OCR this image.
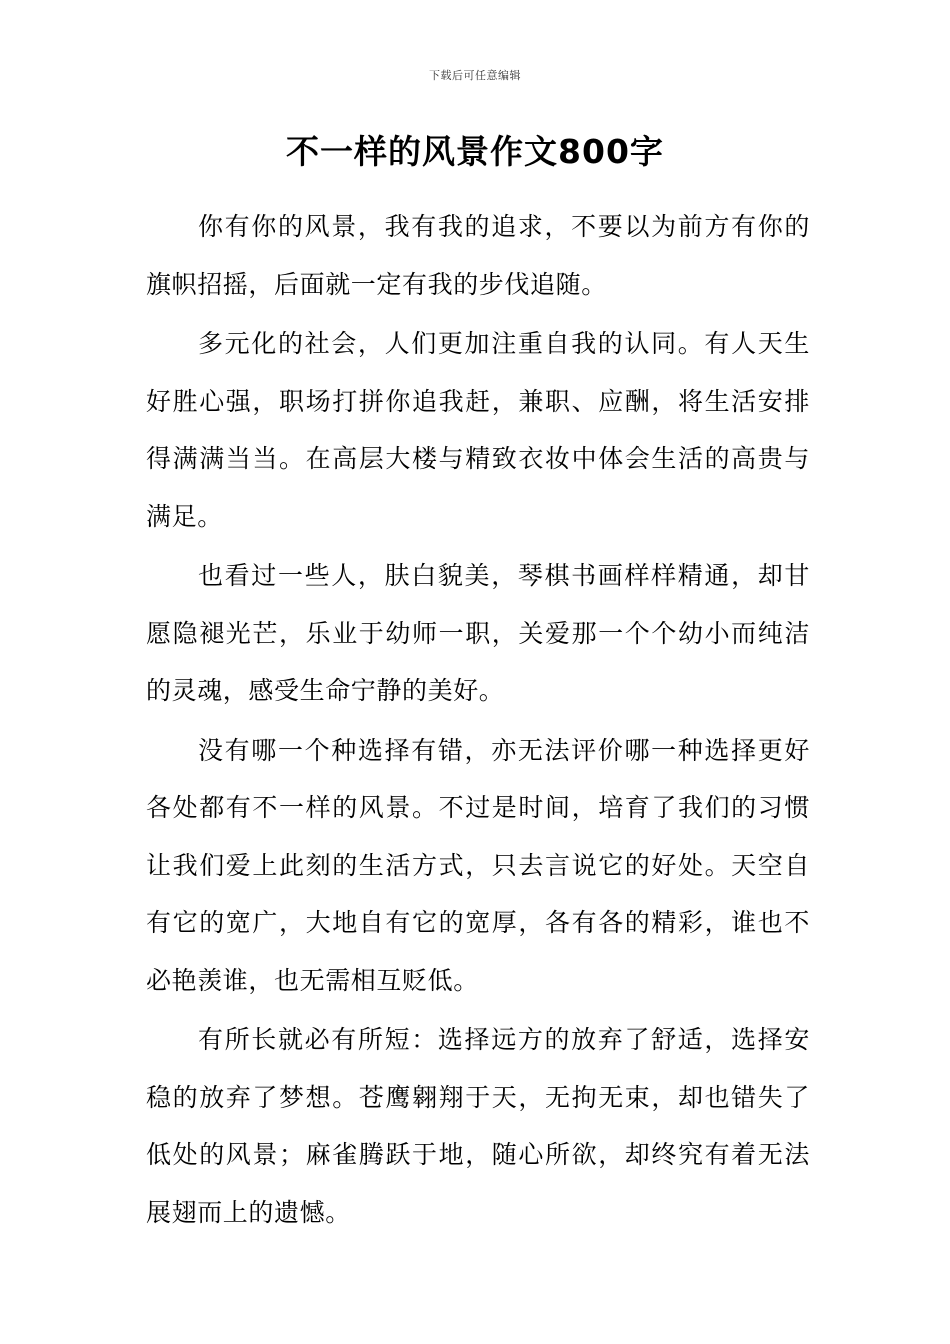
下载后可任意编辑
不一样的风景作文800字

你有你的风景，我有我的追求，不要以为前方有你的旗帜招摇，后面就一定有我的步伐追随。

多元化的社会，人们更加注重自我的认同。有人天生好胜心强，职场打拼你追我赶，兼职、应酬，将生活安排得满满当当。在高层大楼与精致衣妆中体会生活的高贵与满足。

也看过一些人，肤白貌美，琴棋书画样样精通，却甘愿隐褪光芒，乐业于幼师一职，关爱那一个个幼小而纯洁的灵魂，感受生命宁静的美好。

没有哪一个种选择有错，亦无法评价哪一种选择更好各处都有不一样的风景。不过是时间，培育了我们的习惯让我们爱上此刻的生活方式，只去言说它的好处。天空自有它的宽广，大地自有它的宽厚，各有各的精彩，谁也不必艳羡谁，也无需相互贬低。

有所长就必有所短：选择远方的放弃了舒适，选择安稳的放弃了梦想。苍鹰翱翔于天，无拘无束，却也错失了低处的风景；麻雀腾跃于地，随心所欲，却终究有着无法展翅而上的遗憾。
